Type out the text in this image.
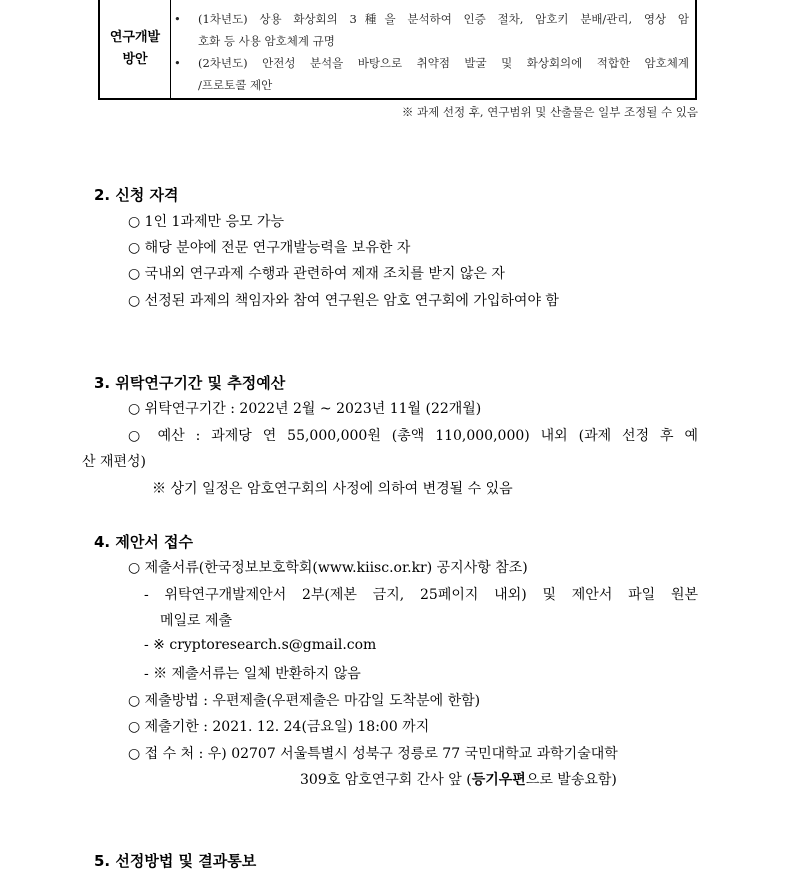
연구개발
방안
• (1차년도) 상용 화상회의 3種을 분석하여 인증 절차, 암호키 분배/관리, 영상 암
호화 등 사용 암호체계 규명
• (2차년도) 안전성 분석을 바탕으로 취약점 발굴 및 화상회의에 적합한 암호체계
/프로토콜 제안
※ 과제 선정 후, 연구범위 및 산출물은 일부 조정될 수 있음
2. 신청 자격
○ 1인 1과제만 응모 가능
○ 해당 분야에 전문 연구개발능력을 보유한 자
○ 국내외 연구과제 수행과 관련하여 제재 조치를 받지 않은 자
○ 선정된 과제의 책임자와 참여 연구원은 암호 연구회에 가입하여야 함
3. 위탁연구기간 및 추정예산
○ 위탁연구기간 : 2022년 2월 ~ 2023년 11월 (22개월)
○ 예산 : 과제당 연 55,000,000원 (총액 110,000,000) 내외 (과제 선정 후 예
산 재편성)
※ 상기 일정은 암호연구회의 사정에 의하여 변경될 수 있음
4. 제안서 접수
○ 제출서류(한국정보보호학회(www.kiisc.or.kr) 공지사항 참조)
- 위탁연구개발제안서 2부(제본 금지, 25페이지 내외) 및 제안서 파일 원본
메일로 제출
- ※ cryptoresearch.s@gmail.com
- ※ 제출서류는 일체 반환하지 않음
○ 제출방법 : 우편제출(우편제출은 마감일 도착분에 한함)
○ 제출기한 : 2021. 12. 24(금요일) 18:00 까지
○ 접 수 처 : 우) 02707 서울특별시 성북구 정릉로 77 국민대학교 과학기술대학
309호 암호연구회 간사 앞 (등기우편으로 발송요함)
5. 선정방법 및 결과통보
